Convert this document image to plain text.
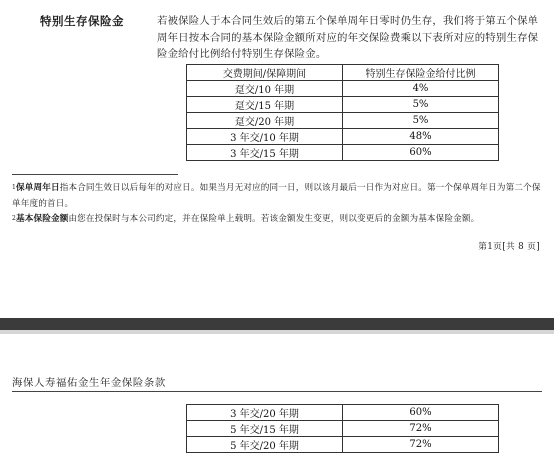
特别生存保险金	若被保险人于本合同生效后的第五个保单周年日零时仍生存，我们将于第五个保单周年日按本合同的基本保险金额所对应的年交保险费乘以下表所对应的特别生存保险金给付比例给付特别生存保险金。
交费期间/保障期间	特别生存保险金给付比例
趸交/10 年期	4%
趸交/15 年期	5%
趸交/20 年期	5%
3 年交/10 年期	48%
3 年交/15 年期	60%

$^1$保单周年日指本合同生效日以后每年的对应日。如果当月无对应的同一日，则以该月最后一日作为对应日。第一个保单周年日为第二个保单年度的首日。

$^2$基本保险金额由您在投保时与本公司约定，并在保险单上载明。若该金额发生变更，则以变更后的金额为基本保险金额。

第1页[共 8 页]
海保人寿福佑金生年金保险条款
3 年交/20 年期	60%
5 年交/15 年期	72%
5 年交/20 年期	72%
